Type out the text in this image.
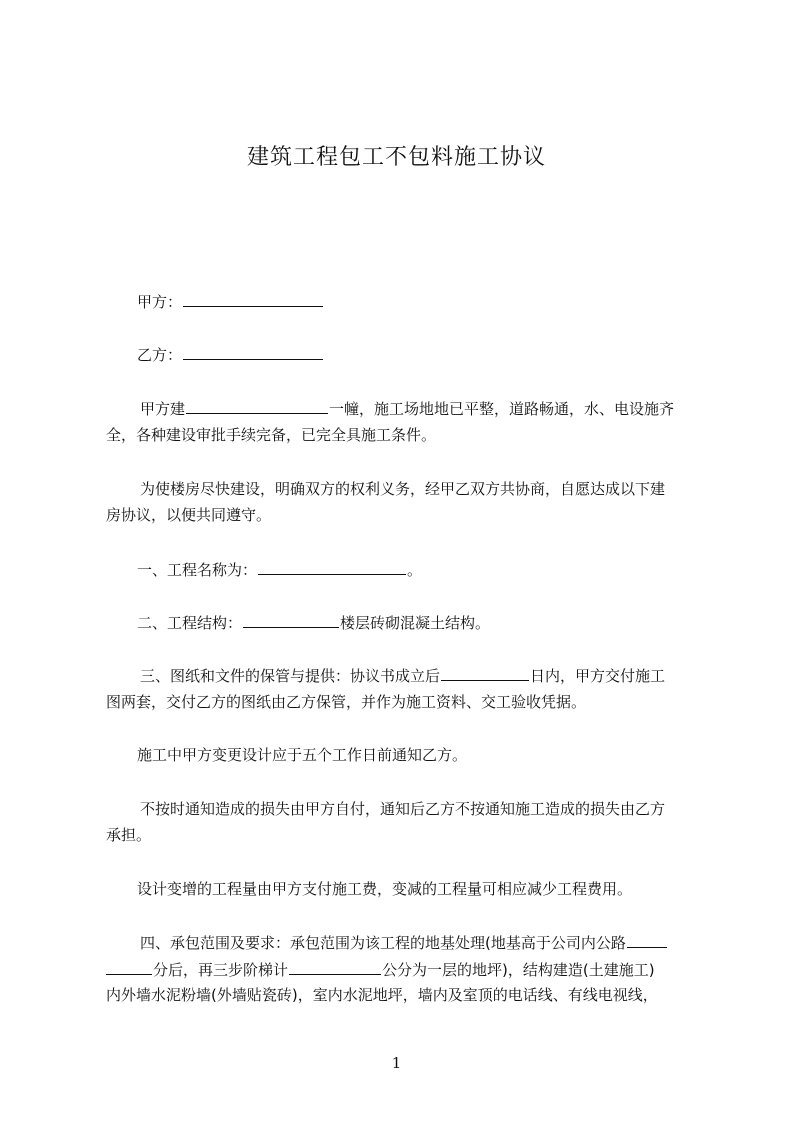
建筑工程包工不包料施工协议
甲方：
乙方：
甲方建	一幢，施工场地地已平整，道路畅通，水、电设施齐
全，各种建设审批手续完备，已完全具施工条件。
为使楼房尽快建设，明确双方的权利义务，经甲乙双方共协商，自愿达成以下建
房协议，以便共同遵守。
一、工程名称为：	。
二、工程结构：	楼层砖砌混凝土结构。
三、图纸和文件的保管与提供：协议书成立后	日内，甲方交付施工
图两套，交付乙方的图纸由乙方保管，并作为施工资料、交工验收凭据。
施工中甲方变更设计应于五个工作日前通知乙方。
不按时通知造成的损失由甲方自付，通知后乙方不按通知施工造成的损失由乙方
承担。
设计变增的工程量由甲方支付施工费，变减的工程量可相应减少工程费用。
四、承包范围及要求：承包范围为该工程的地基处理(地基高于公司内公路
分后，再三步阶梯计	公分为一层的地坪)，结构建造(土建施工)
内外墙水泥粉墙(外墙贴瓷砖)，室内水泥地坪，墙内及室顶的电话线、有线电视线，
1
